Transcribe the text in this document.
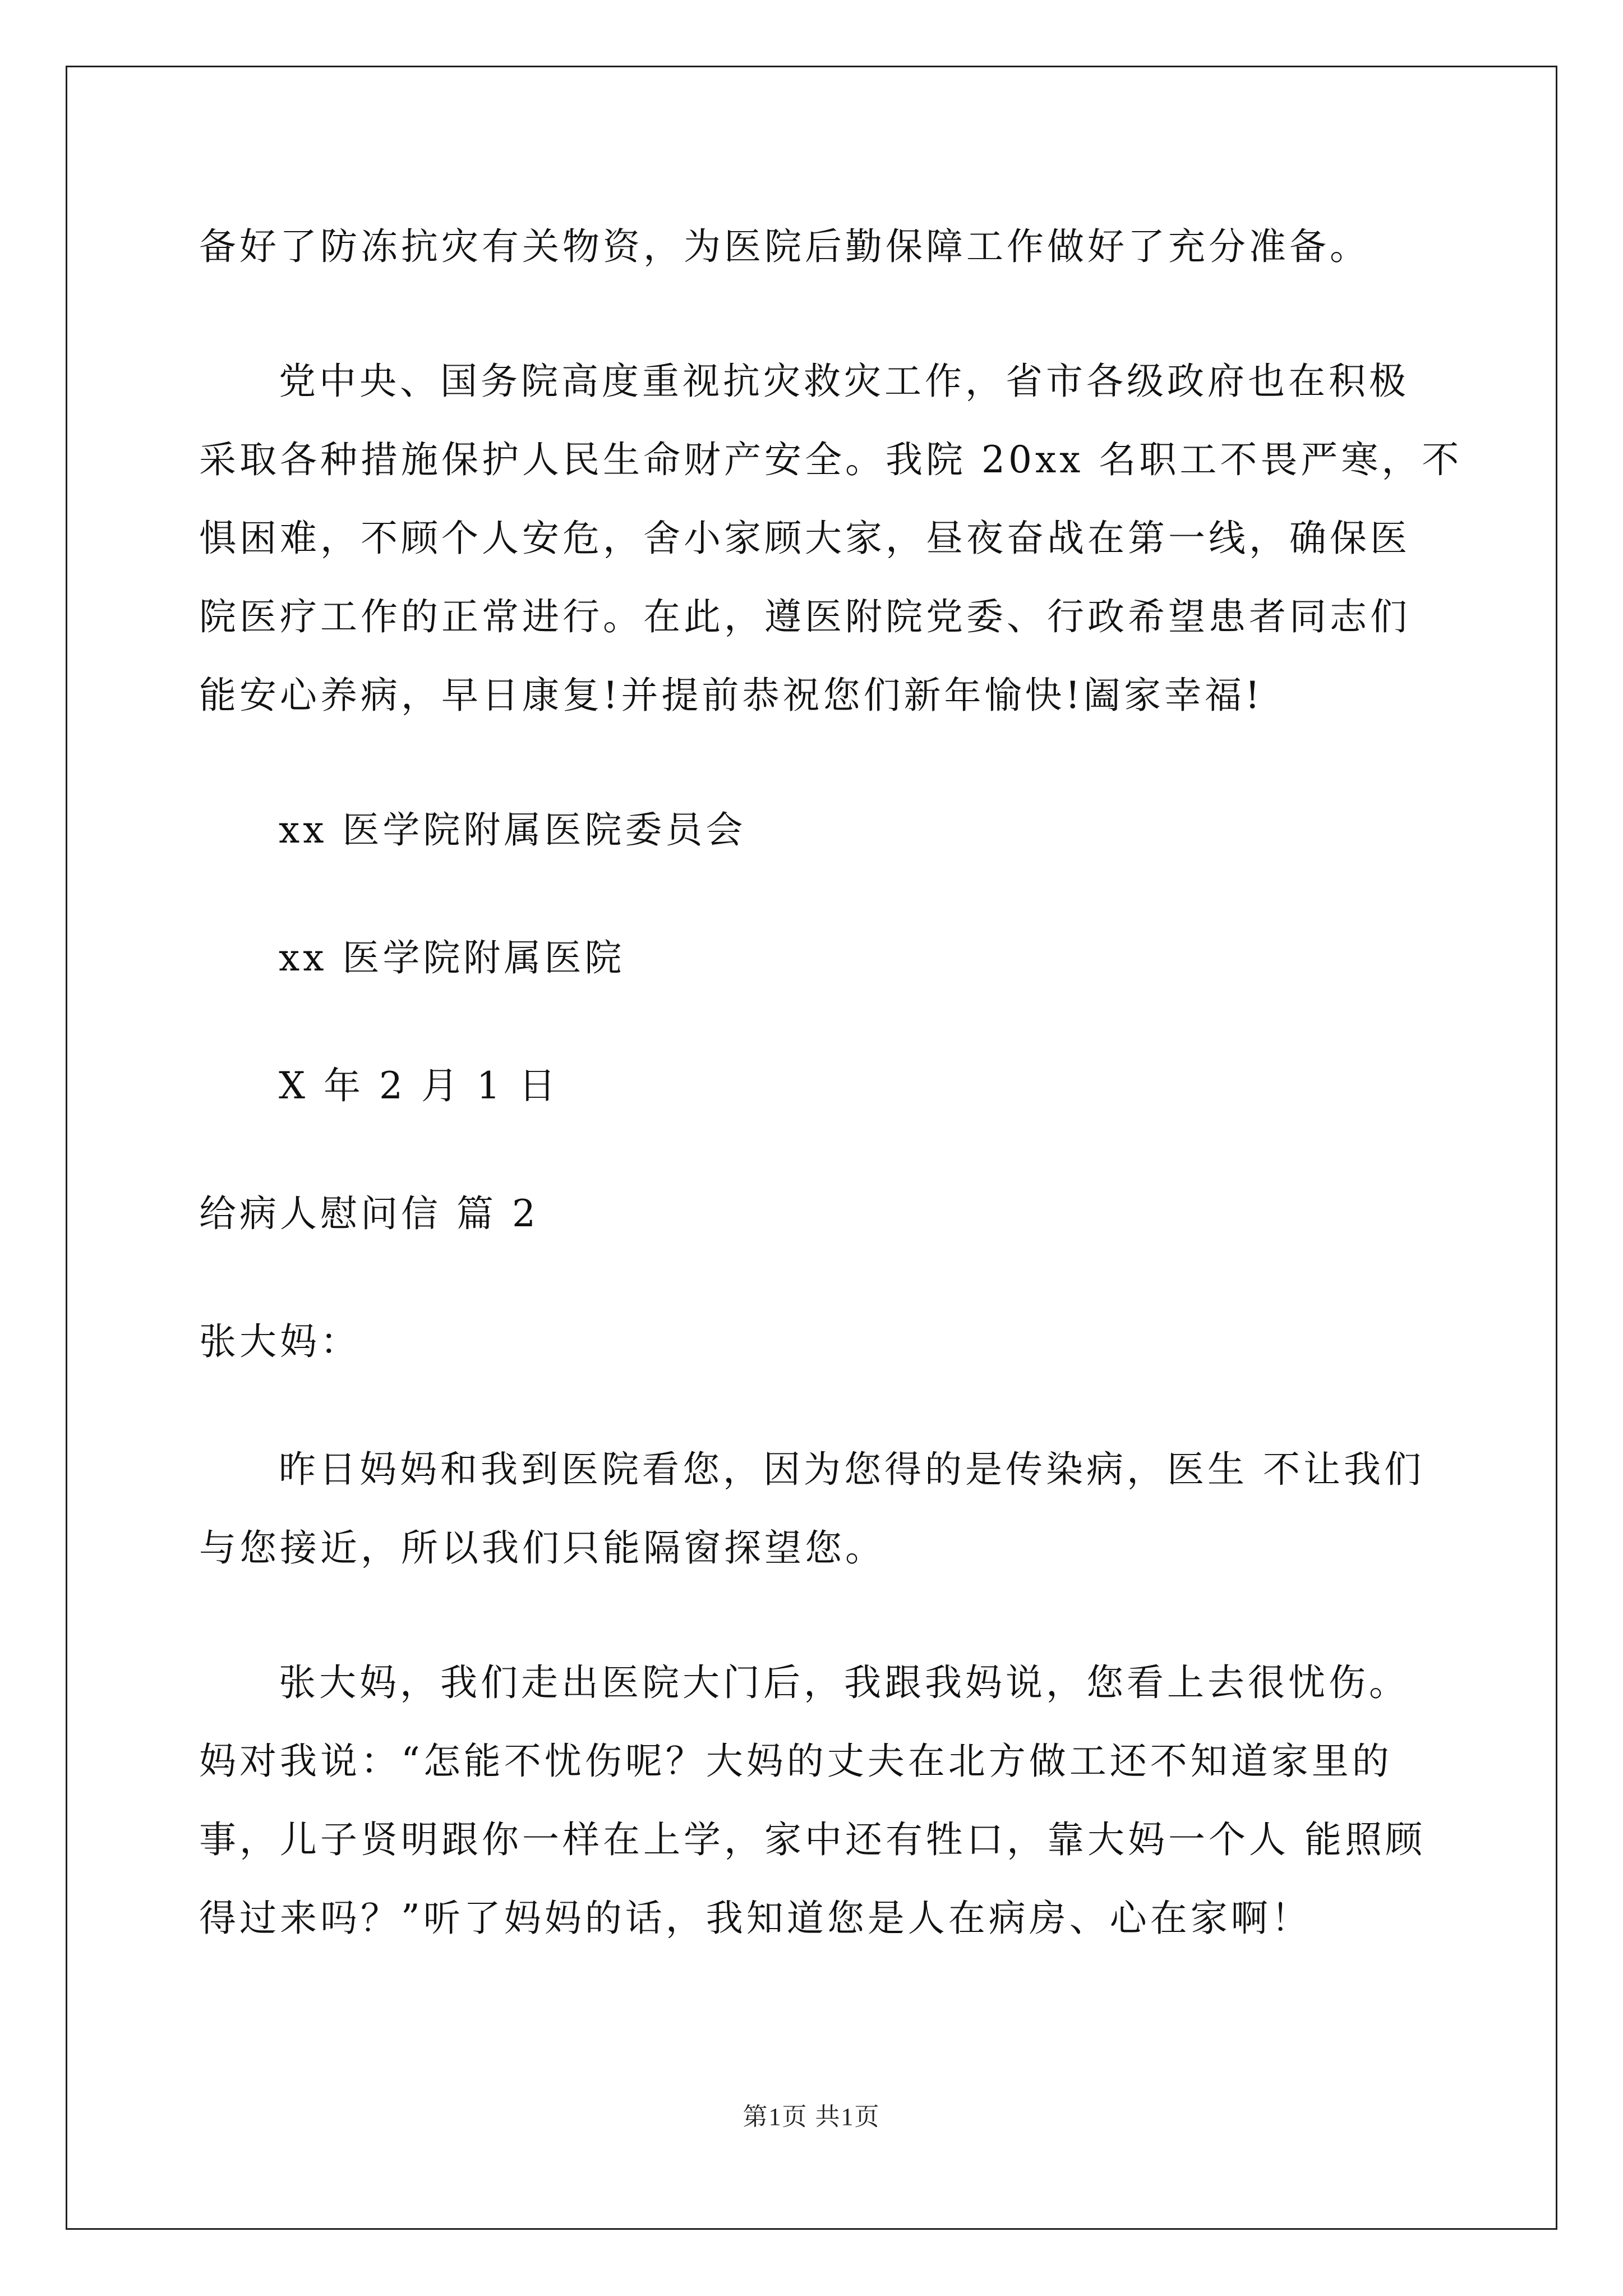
备好了防冻抗灾有关物资，为医院后勤保障工作做好了充分准备。

党中央、国务院高度重视抗灾救灾工作，省市各级政府也在积极
采取各种措施保护人民生命财产安全。我院 20xx 名职工不畏严寒，不
惧困难，不顾个人安危，舍小家顾大家，昼夜奋战在第一线，确保医
院医疗工作的正常进行。在此，遵医附院党委、行政希望患者同志们
能安心养病，早日康复!并提前恭祝您们新年愉快!阖家幸福!

xx 医学院附属医院委员会
xx 医学院附属医院
X 年 2 月 1 日
给病人慰问信 篇 2
张大妈：

昨日妈妈和我到医院看您，因为您得的是传染病，医生 不让我们
与您接近，所以我们只能隔窗探望您。

张大妈，我们走出医院大门后，我跟我妈说，您看上去很忧伤。
妈对我说：“怎能不忧伤呢？大妈的丈夫在北方做工还不知道家里的
事，儿子贤明跟你一样在上学，家中还有牲口，靠大妈一个人 能照顾
得过来吗？”听了妈妈的话，我知道您是人在病房、心在家啊！

第1页 共1页
